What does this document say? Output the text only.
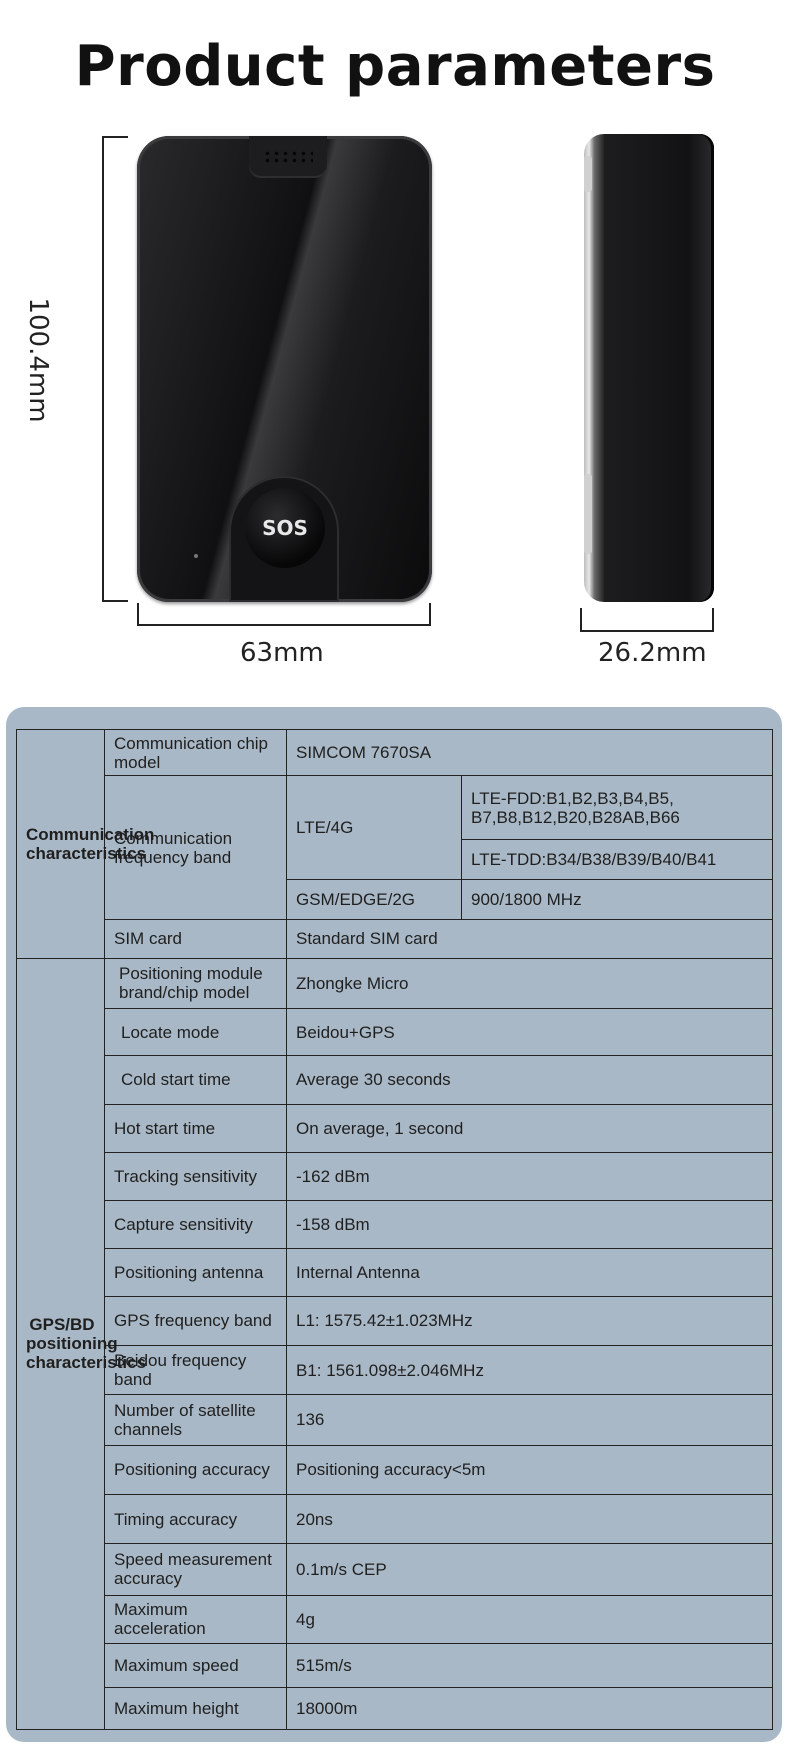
Product parameters
100.4mm
63mm	26.2mm
SOS
Communication characteristics	Communication chip model	SIMCOM 7670SA	
	Communication frequency band	LTE/4G	LTE-FDD:B1,B2,B3,B4,B5, B7,B8,B12,B20,B28AB,B66
			LTE-TDD:B34/B38/B39/B40/B41
		GSM/EDGE/2G	900/1800 MHz
	SIM card	Standard SIM card	
GPS/BD positioning characteristics	Positioning module brand/chip model	Zhongke Micro	
	Locate mode	Beidou+GPS	
	Cold start time	Average 30 seconds	
	Hot start time	On average, 1 second	
	Tracking sensitivity	-162 dBm	
	Capture sensitivity	-158 dBm	
	Positioning antenna	Internal Antenna	
	GPS frequency band	L1: 1575.42±1.023MHz	
	Beidou frequency band	B1: 1561.098±2.046MHz	
	Number of satellite channels	136	
	Positioning accuracy	Positioning accuracy<5m	
	Timing accuracy	20ns	
	Speed measurement accuracy	0.1m/s CEP	
	Maximum acceleration	4g	
	Maximum speed	515m/s	
	Maximum height	18000m	
